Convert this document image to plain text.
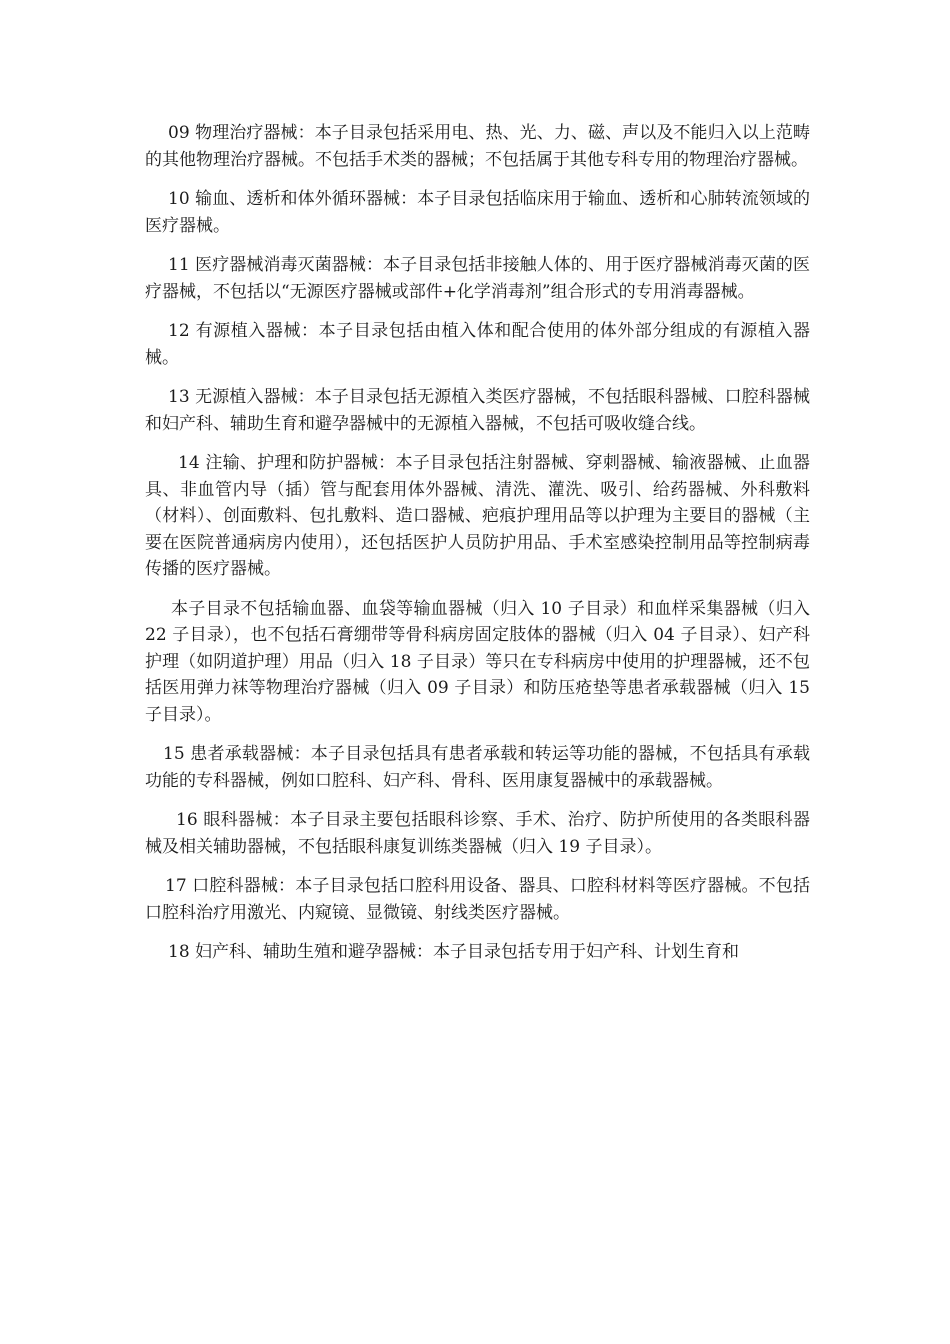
09 物理治疗器械：本子目录包括采用电、热、光、力、磁、声以及不能归入以上范畴的其他物理治疗器械。不包括手术类的器械；不包括属于其他专科专用的物理治疗器械。

10 输血、透析和体外循环器械：本子目录包括临床用于输血、透析和心肺转流领域的医疗器械。

11 医疗器械消毒灭菌器械：本子目录包括非接触人体的、用于医疗器械消毒灭菌的医疗器械，不包括以“无源医疗器械或部件+化学消毒剂”组合形式的专用消毒器械。

12 有源植入器械：本子目录包括由植入体和配合使用的体外部分组成的有源植入器械。

13 无源植入器械：本子目录包括无源植入类医疗器械，不包括眼科器械、口腔科器械和妇产科、辅助生育和避孕器械中的无源植入器械，不包括可吸收缝合线。

14 注输、护理和防护器械：本子目录包括注射器械、穿刺器械、输液器械、止血器具、非血管内导（插）管与配套用体外器械、清洗、灌洗、吸引、给药器械、外科敷料（材料）、创面敷料、包扎敷料、造口器械、疤痕护理用品等以护理为主要目的器械（主要在医院普通病房内使用），还包括医护人员防护用品、手术室感染控制用品等控制病毒传播的医疗器械。

本子目录不包括输血器、血袋等输血器械（归入 10 子目录）和血样采集器械（归入 22 子目录），也不包括石膏绷带等骨科病房固定肢体的器械（归入 04 子目录）、妇产科护理（如阴道护理）用品（归入 18 子目录）等只在专科病房中使用的护理器械，还不包括医用弹力袜等物理治疗器械（归入 09 子目录）和防压疮垫等患者承载器械（归入 15 子目录）。

15 患者承载器械：本子目录包括具有患者承载和转运等功能的器械，不包括具有承载功能的专科器械，例如口腔科、妇产科、骨科、医用康复器械中的承载器械。

16 眼科器械：本子目录主要包括眼科诊察、手术、治疗、防护所使用的各类眼科器械及相关辅助器械，不包括眼科康复训练类器械（归入 19 子目录）。

17 口腔科器械：本子目录包括口腔科用设备、器具、口腔科材料等医疗器械。不包括口腔科治疗用激光、内窥镜、显微镜、射线类医疗器械。

18 妇产科、辅助生殖和避孕器械：本子目录包括专用于妇产科、计划生育和
